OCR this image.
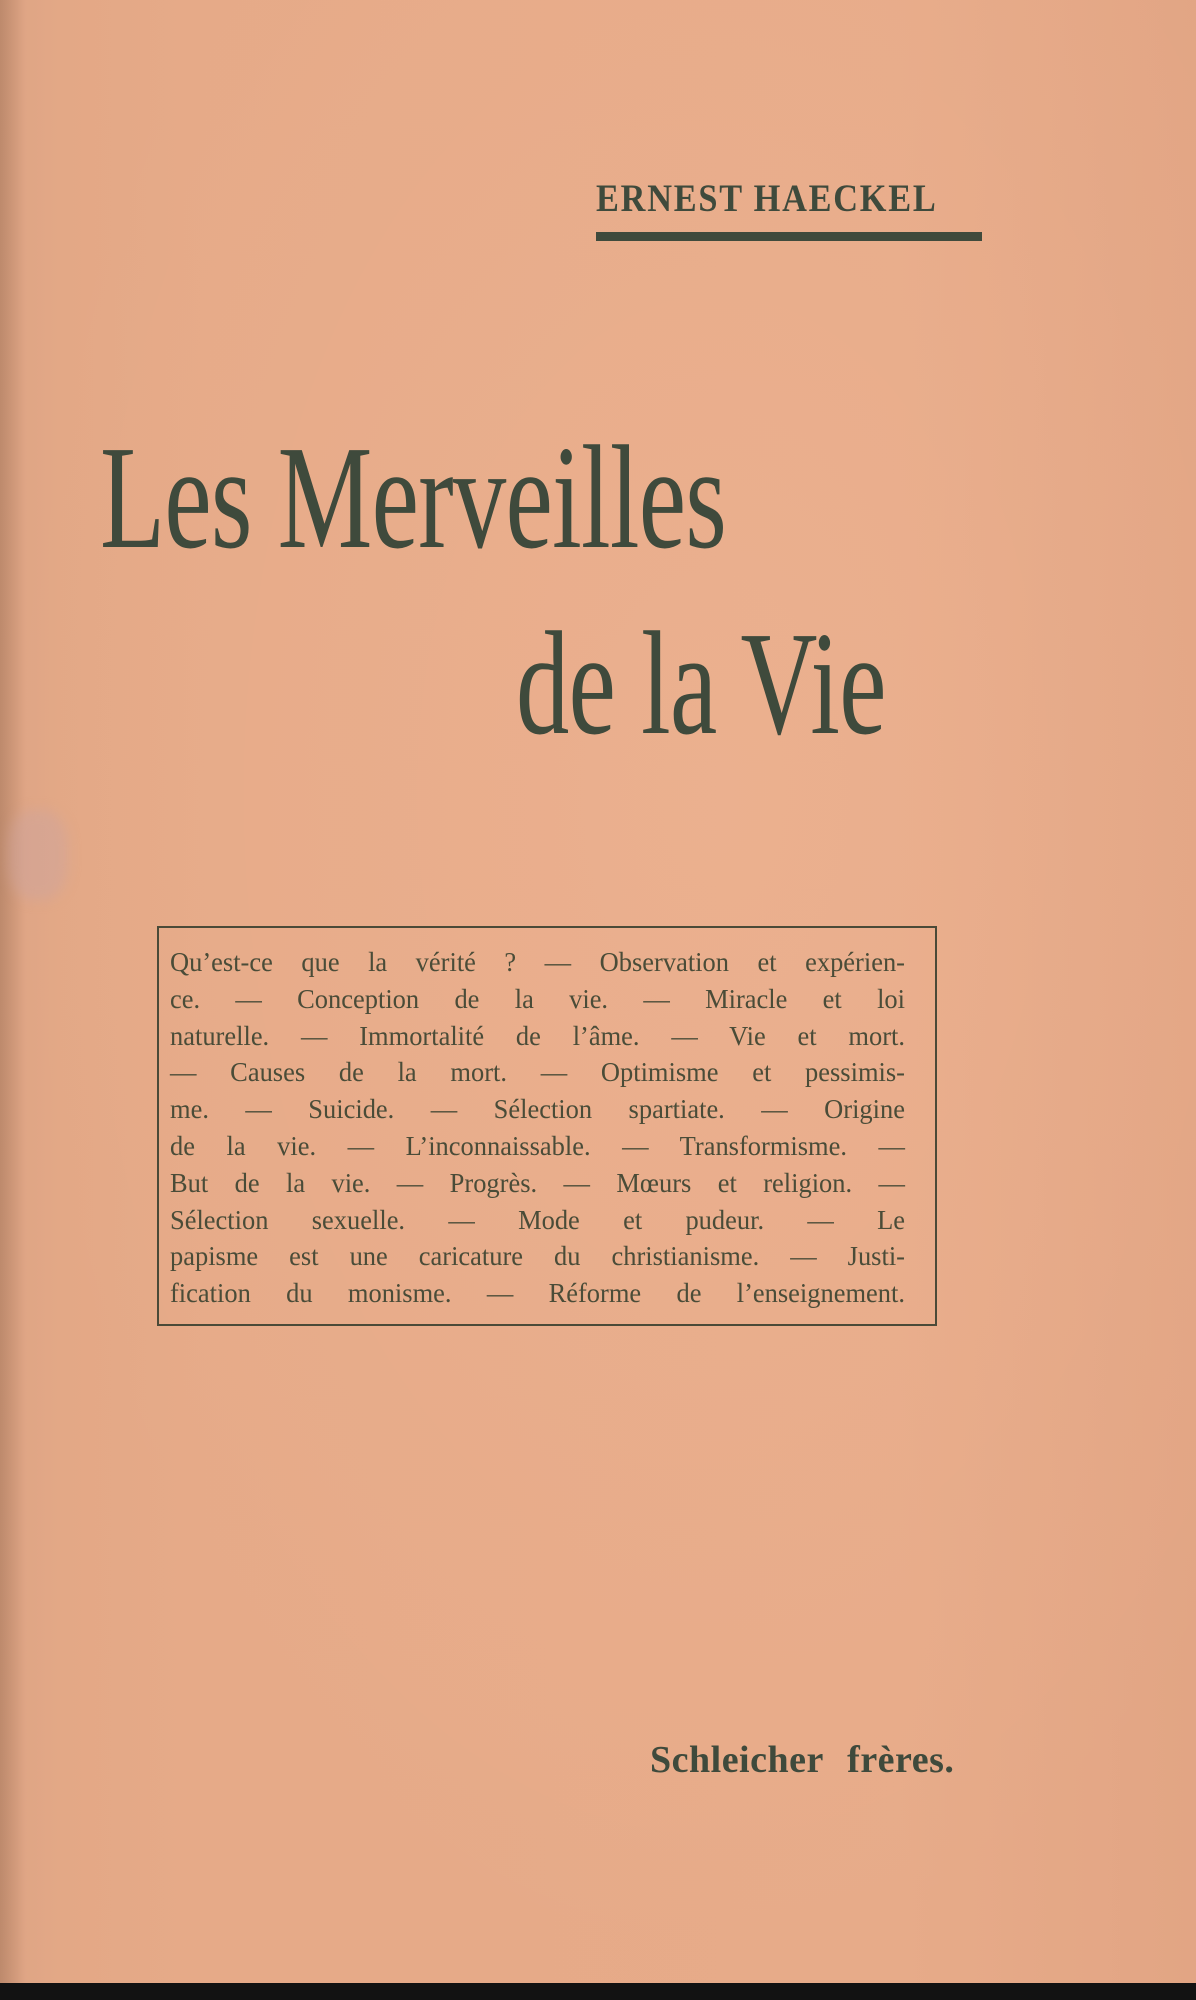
ERNEST HAECKEL
Les Merveilles
de la Vie
Qu’est-ce que la vérité ? — Observation et expérien-
ce. — Conception de la vie. — Miracle et loi
naturelle. — Immortalité de l’âme. — Vie et mort.
— Causes de la mort. — Optimisme et pessimis-
me. — Suicide. — Sélection spartiate. — Origine
de la vie. — L’inconnaissable. — Transformisme. —
But de la vie. — Progrès. — Mœurs et religion. —
Sélection sexuelle. — Mode et pudeur. — Le
papisme est une caricature du christianisme. — Justi-
fication du monisme. — Réforme de l’enseignement.
Schleicher frères.
